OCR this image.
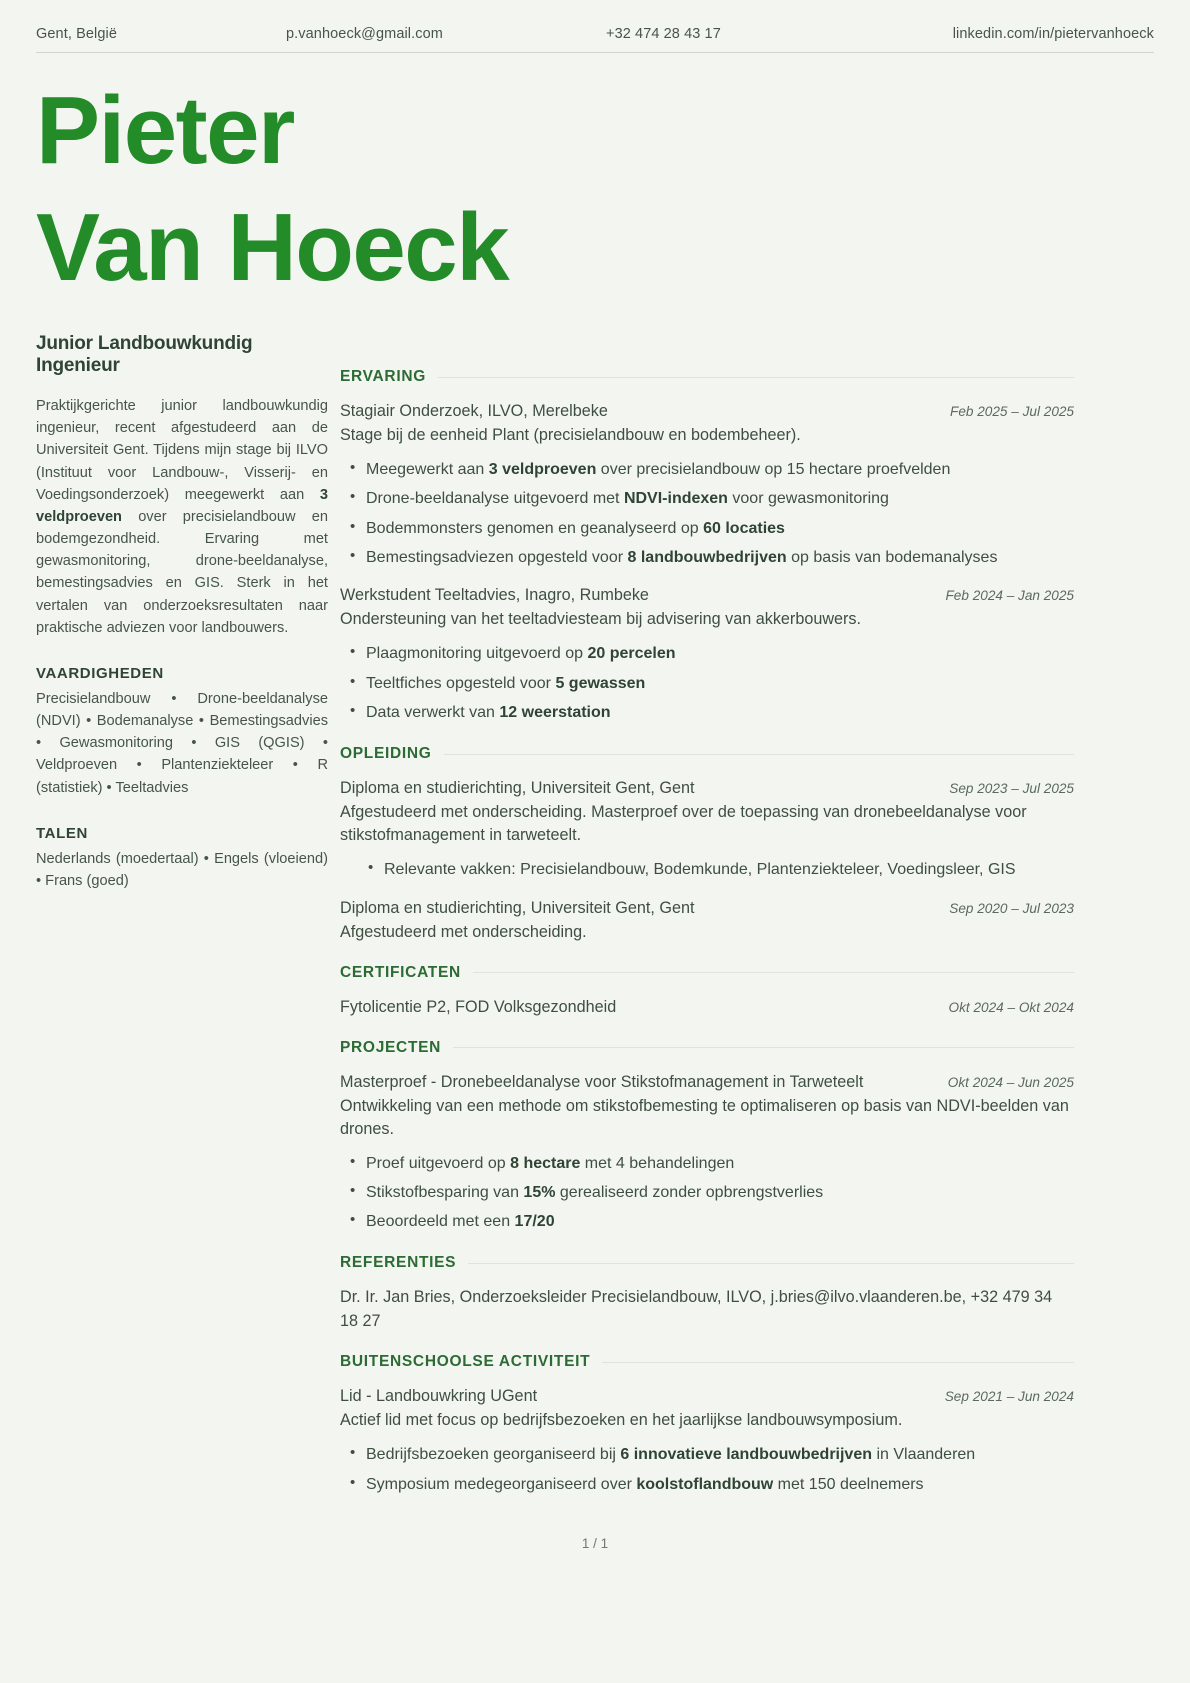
Gent, België	p.vanhoeck@gmail.com	+32 474 28 43 17	linkedin.com/in/pietervanhoeck
Pieter
Van Hoeck
Junior Landbouwkundig Ingenieur

Praktijkgerichte junior landbouwkundig ingenieur, recent afgestudeerd aan de Universiteit Gent. Tijdens mijn stage bij ILVO (Instituut voor Landbouw-, Visserij- en Voedingsonderzoek) meegewerkt aan 3 veldproeven over precisielandbouw en bodemgezondheid. Ervaring met gewasmonitoring, drone-beeldanalyse, bemestingsadvies en GIS. Sterk in het vertalen van onderzoeksresultaten naar praktische adviezen voor landbouwers.

VAARDIGHEDEN
Precisielandbouw • Drone-beeldanalyse (NDVI) • Bodemanalyse • Bemestingsadvies • Gewasmonitoring • GIS (QGIS) • Veldproeven • Plantenziekteleer • R (statistiek) • Teeltadvies
TALEN
Nederlands (moedertaal) • Engels (vloeiend) • Frans (goed)
ERVARING
Stagiair Onderzoek, ILVO, Merelbeke	Feb 2025 – Jul 2025
Stage bij de eenheid Plant (precisielandbouw en bodembeheer).
• Meegewerkt aan 3 veldproeven over precisielandbouw op 15 hectare proefvelden
• Drone-beeldanalyse uitgevoerd met NDVI-indexen voor gewasmonitoring
• Bodemmonsters genomen en geanalyseerd op 60 locaties
• Bemestingsadviezen opgesteld voor 8 landbouwbedrijven op basis van bodemanalyses
Werkstudent Teeltadvies, Inagro, Rumbeke	Feb 2024 – Jan 2025
Ondersteuning van het teeltadviesteam bij advisering van akkerbouwers.
• Plaagmonitoring uitgevoerd op 20 percelen
• Teeltfiches opgesteld voor 5 gewassen
• Data verwerkt van 12 weerstation
OPLEIDING
Diploma en studierichting, Universiteit Gent, Gent	Sep 2023 – Jul 2025
Afgestudeerd met onderscheiding. Masterproef over de toepassing van dronebeeldanalyse voor stikstofmanagement in tarweteelt.
• Relevante vakken: Precisielandbouw, Bodemkunde, Plantenziekteleer, Voedingsleer, GIS
Diploma en studierichting, Universiteit Gent, Gent	Sep 2020 – Jul 2023
Afgestudeerd met onderscheiding.
CERTIFICATEN
Fytolicentie P2, FOD Volksgezondheid	Okt 2024 – Okt 2024
PROJECTEN
Masterproef - Dronebeeldanalyse voor Stikstofmanagement in Tarweteelt	Okt 2024 – Jun 2025
Ontwikkeling van een methode om stikstofbemesting te optimaliseren op basis van NDVI-beelden van drones.
• Proef uitgevoerd op 8 hectare met 4 behandelingen
• Stikstofbesparing van 15% gerealiseerd zonder opbrengstverlies
• Beoordeeld met een 17/20
REFERENTIES
Dr. Ir. Jan Bries, Onderzoeksleider Precisielandbouw, ILVO, j.bries@ilvo.vlaanderen.be, +32 479 34 18 27
BUITENSCHOOLSE ACTIVITEIT
Lid - Landbouwkring UGent	Sep 2021 – Jun 2024
Actief lid met focus op bedrijfsbezoeken en het jaarlijkse landbouwsymposium.
• Bedrijfsbezoeken georganiseerd bij 6 innovatieve landbouwbedrijven in Vlaanderen
• Symposium medegeorganiseerd over koolstoflandbouw met 150 deelnemers
1 / 1
